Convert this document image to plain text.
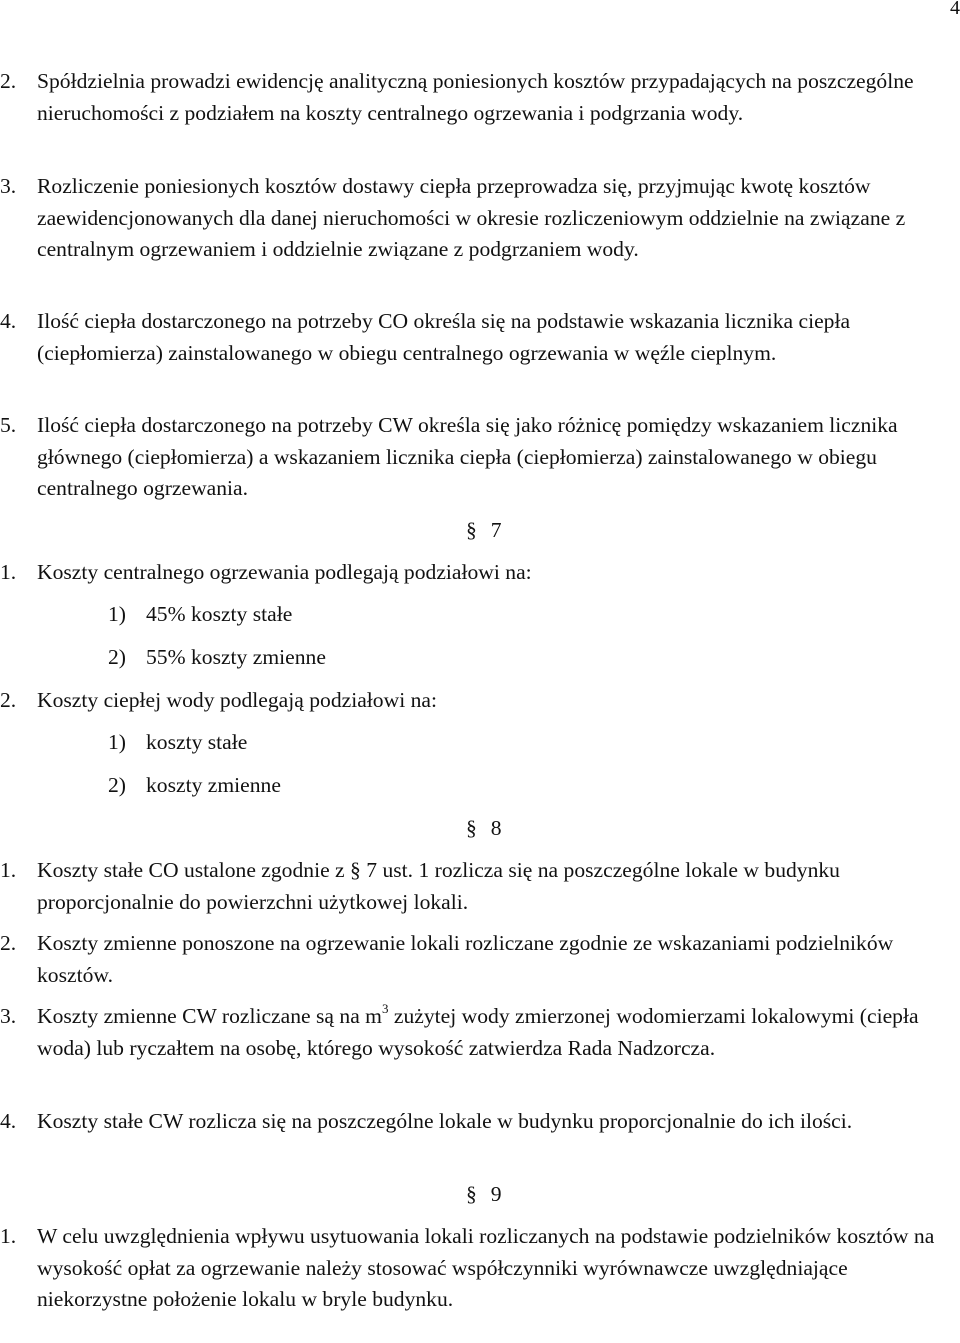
4
2. Spółdzielnia prowadzi ewidencję analityczną poniesionych kosztów przypadających na poszczególne nieruchomości z podziałem na koszty centralnego ogrzewania i podgrzania wody.
3. Rozliczenie poniesionych kosztów dostawy ciepła przeprowadza się, przyjmując kwotę kosztów zaewidencjonowanych dla danej nieruchomości w okresie rozliczeniowym oddzielnie na związane z centralnym ogrzewaniem i oddzielnie związane z podgrzaniem wody.
4. Ilość ciepła dostarczonego na potrzeby CO określa się na podstawie wskazania licznika ciepła (ciepłomierza) zainstalowanego w obiegu centralnego ogrzewania w węźle cieplnym.
5. Ilość ciepła dostarczonego na potrzeby CW określa się jako różnicę pomiędzy wskazaniem licznika głównego (ciepłomierza) a wskazaniem licznika ciepła (ciepłomierza) zainstalowanego w obiegu centralnego ogrzewania.
§ 7
1. Koszty centralnego ogrzewania podlegają podziałowi na:
1) 45% koszty stałe
2) 55% koszty zmienne
2. Koszty ciepłej wody podlegają podziałowi na:
1) koszty stałe
2) koszty zmienne
§ 8
1. Koszty stałe CO ustalone zgodnie z § 7 ust. 1 rozlicza się na poszczególne lokale w budynku proporcjonalnie do powierzchni użytkowej lokali.
2. Koszty zmienne ponoszone na ogrzewanie lokali rozliczane zgodnie ze wskazaniami podzielników kosztów.
3. Koszty zmienne CW rozliczane są na $m^3$ zużytej wody zmierzonej wodomierzami lokalowymi (ciepła woda) lub ryczałtem na osobę, którego wysokość zatwierdza Rada Nadzorcza.
4. Koszty stałe CW rozlicza się na poszczególne lokale w budynku proporcjonalnie do ich ilości.
§ 9
1. W celu uwzględnienia wpływu usytuowania lokali rozliczanych na podstawie podzielników kosztów na wysokość opłat za ogrzewanie należy stosować współczynniki wyrównawcze uwzględniające niekorzystne położenie lokalu w bryle budynku.
